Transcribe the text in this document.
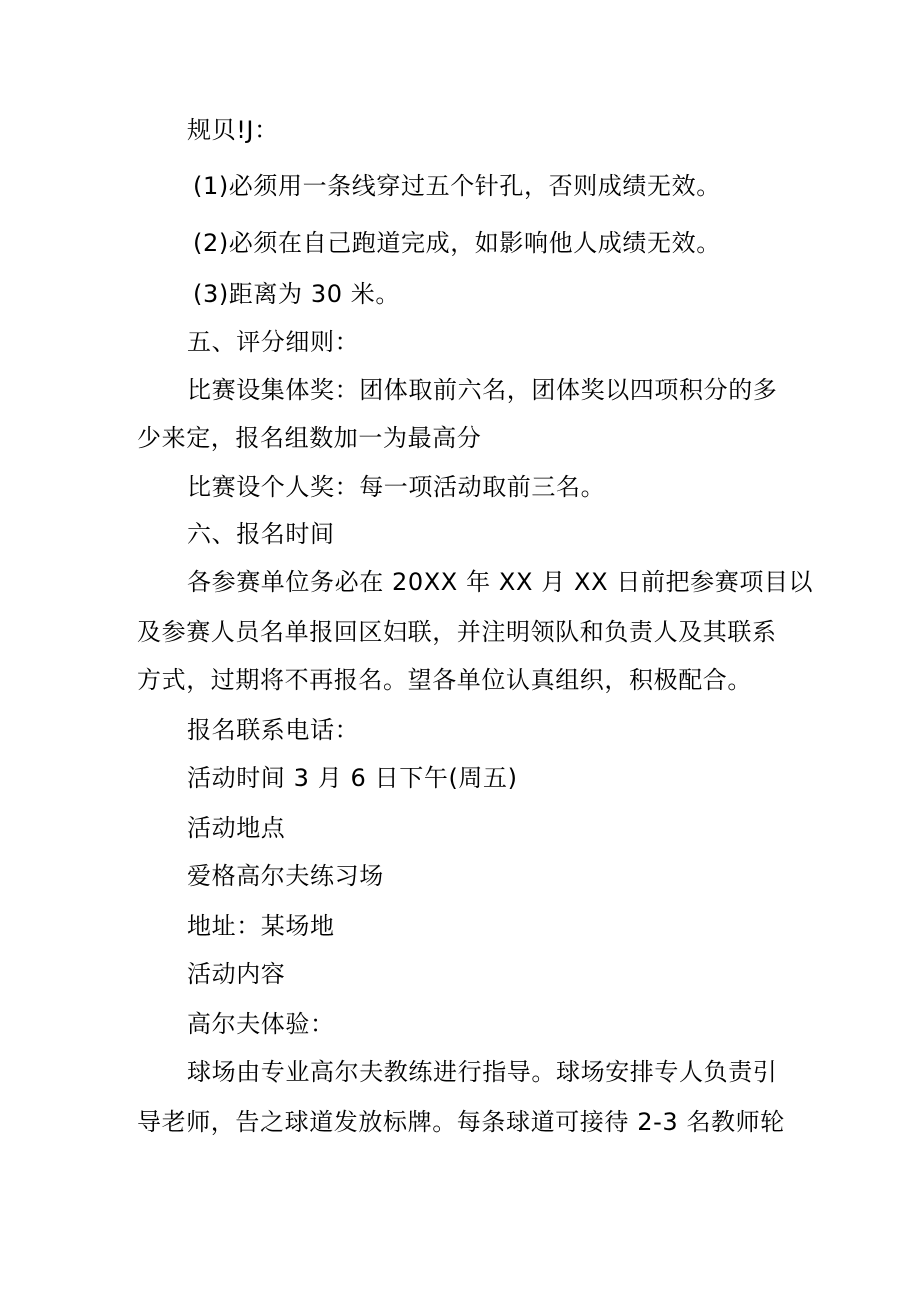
规贝!J：
(1)必须用一条线穿过五个针孔，否则成绩无效。
(2)必须在自己跑道完成，如影响他人成绩无效。
(3)距离为 30 米。
五、评分细则：
比赛设集体奖：团体取前六名，团体奖以四项积分的多
少来定，报名组数加一为最高分
比赛设个人奖：每一项活动取前三名。
六、报名时间
各参赛单位务必在 20XX 年 XX 月 XX 日前把参赛项目以
及参赛人员名单报回区妇联，并注明领队和负责人及其联系
方式，过期将不再报名。望各单位认真组织，积极配合。
报名联系电话：
活动时间 3 月 6 日下午(周五)
活动地点
爱格高尔夫练习场
地址：某场地
活动内容
高尔夫体验：
球场由专业高尔夫教练进行指导。球场安排专人负责引
导老师，告之球道发放标牌。每条球道可接待 2-3 名教师轮
